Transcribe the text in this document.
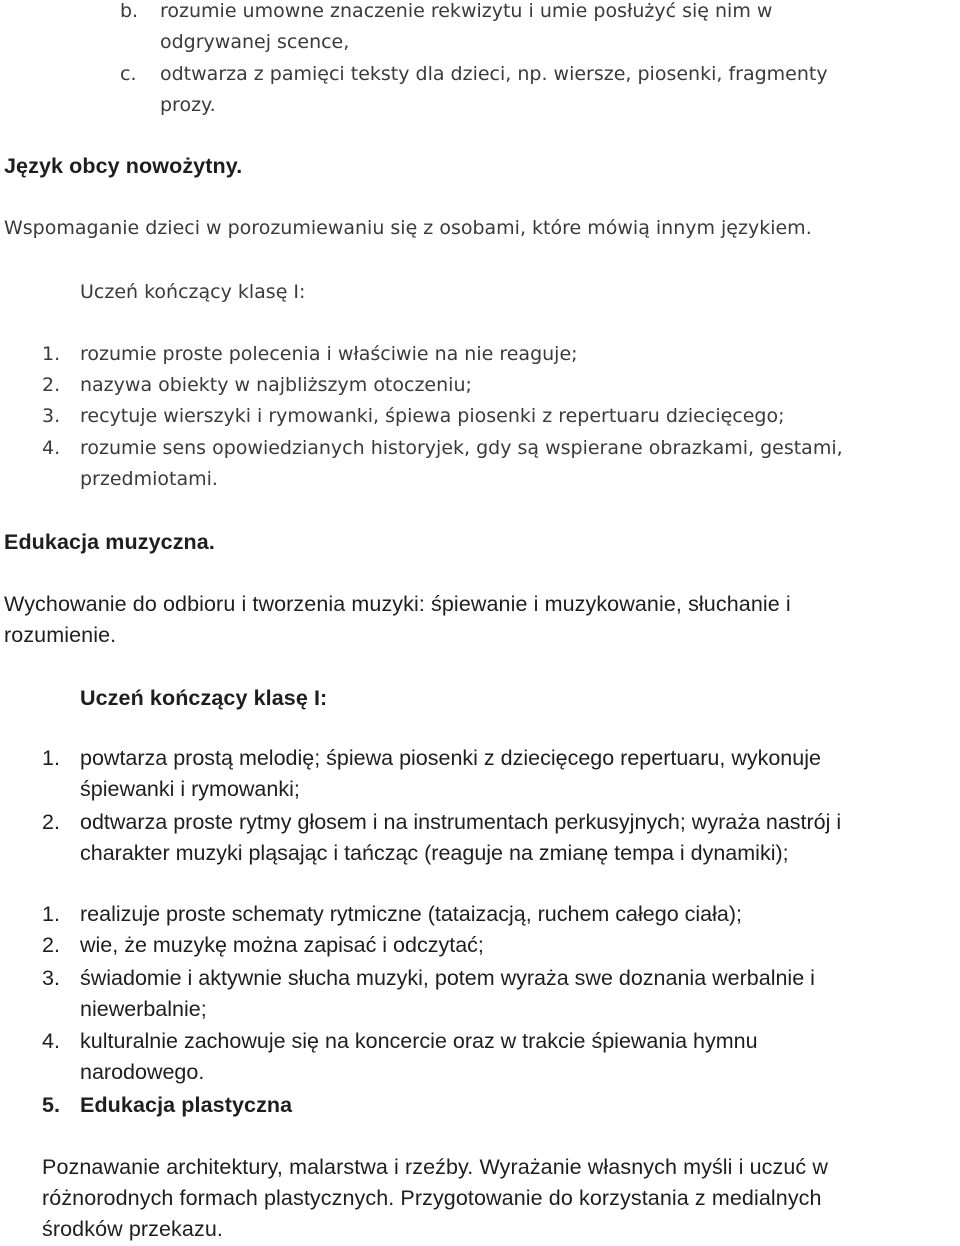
b. rozumie umowne znaczenie rekwizytu i umie posłużyć się nim w
odgrywanej scence,
c. odtwarza z pamięci teksty dla dzieci, np. wiersze, piosenki, fragmenty
prozy.
Język obcy nowożytny.
Wspomaganie dzieci w porozumiewaniu się z osobami, które mówią innym językiem.
Uczeń kończący klasę I:
1. rozumie proste polecenia i właściwie na nie reaguje;
2. nazywa obiekty w najbliższym otoczeniu;
3. recytuje wierszyki i rymowanki, śpiewa piosenki z repertuaru dziecięcego;
4. rozumie sens opowiedzianych historyjek, gdy są wspierane obrazkami, gestami,
przedmiotami.
Edukacja muzyczna.
Wychowanie do odbioru i tworzenia muzyki: śpiewanie i muzykowanie, słuchanie i
rozumienie.
Uczeń kończący klasę I:
1. powtarza prostą melodię; śpiewa piosenki z dziecięcego repertuaru, wykonuje
śpiewanki i rymowanki;
2. odtwarza proste rytmy głosem i na instrumentach perkusyjnych; wyraża nastrój i
charakter muzyki pląsając i tańcząc (reaguje na zmianę tempa i dynamiki);
1. realizuje proste schematy rytmiczne (tataizacją, ruchem całego ciała);
2. wie, że muzykę można zapisać i odczytać;
3. świadomie i aktywnie słucha muzyki, potem wyraża swe doznania werbalnie i
niewerbalnie;
4. kulturalnie zachowuje się na koncercie oraz w trakcie śpiewania hymnu
narodowego.
5. Edukacja plastyczna
Poznawanie architektury, malarstwa i rzeźby. Wyrażanie własnych myśli i uczuć w
różnorodnych formach plastycznych. Przygotowanie do korzystania z medialnych
środków przekazu.
